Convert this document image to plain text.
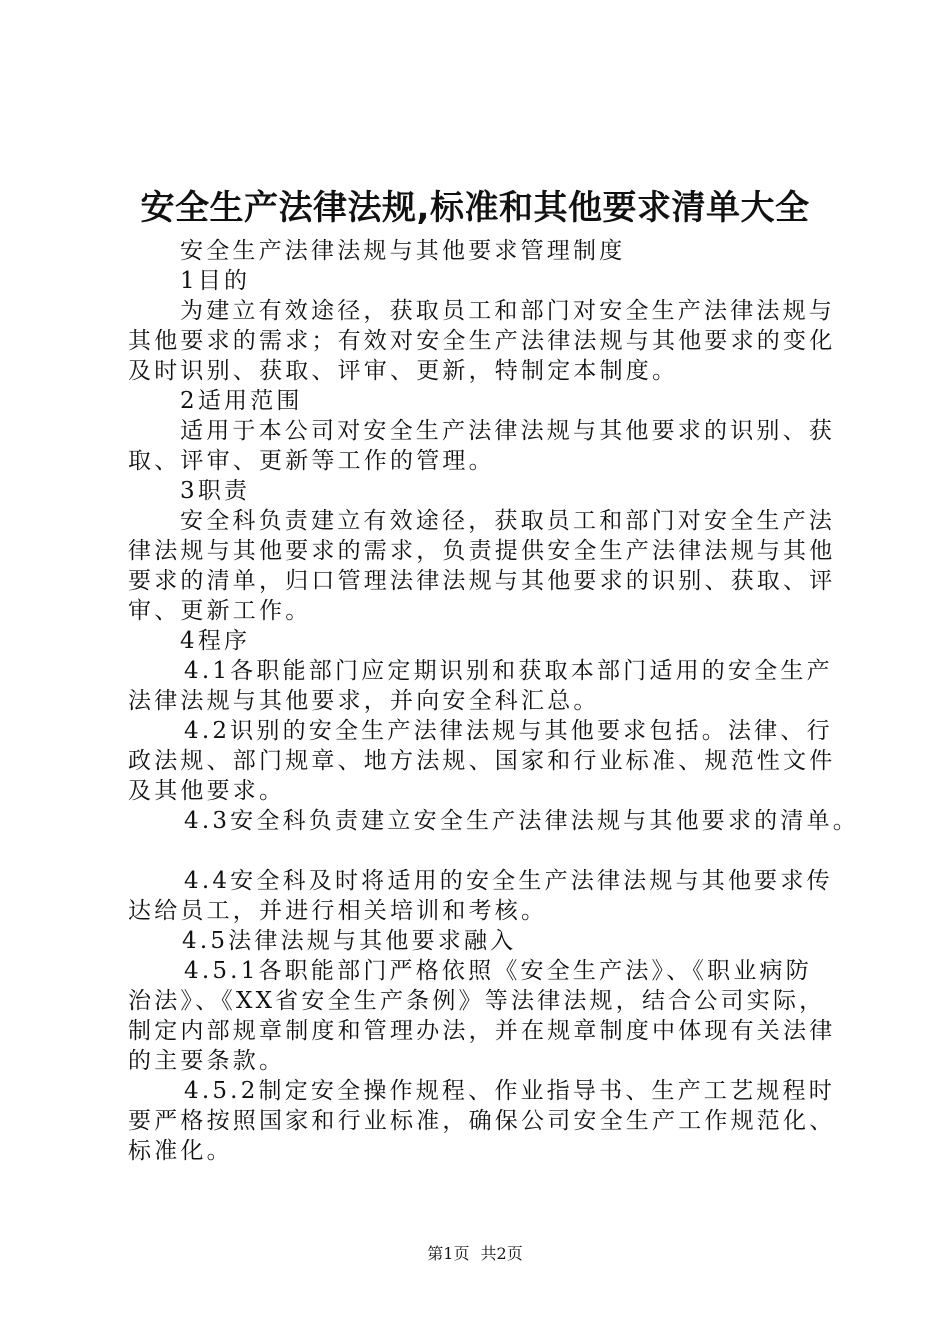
安全生产法律法规,标准和其他要求清单大全
安全生产法律法规与其他要求管理制度
1目的
为建立有效途径，获取员工和部门对安全生产法律法规与
其他要求的需求；有效对安全生产法律法规与其他要求的变化
及时识别、获取、评审、更新，特制定本制度。
2适用范围
适用于本公司对安全生产法律法规与其他要求的识别、获
取、评审、更新等工作的管理。
3职责
安全科负责建立有效途径，获取员工和部门对安全生产法
律法规与其他要求的需求，负责提供安全生产法律法规与其他
要求的清单，归口管理法律法规与其他要求的识别、获取、评
审、更新工作。
4程序
4.1各职能部门应定期识别和获取本部门适用的安全生产
法律法规与其他要求，并向安全科汇总。
4.2识别的安全生产法律法规与其他要求包括。法律、行
政法规、部门规章、地方法规、国家和行业标准、规范性文件
及其他要求。
4.3安全科负责建立安全生产法律法规与其他要求的清单。
4.4安全科及时将适用的安全生产法律法规与其他要求传
达给员工，并进行相关培训和考核。
4.5法律法规与其他要求融入
4.5.1各职能部门严格依照《安全生产法》、《职业病防
治法》、《XX省安全生产条例》等法律法规，结合公司实际，
制定内部规章制度和管理办法，并在规章制度中体现有关法律
的主要条款。
4.5.2制定安全操作规程、作业指导书、生产工艺规程时
要严格按照国家和行业标准，确保公司安全生产工作规范化、
标准化。
第1页 共2页
